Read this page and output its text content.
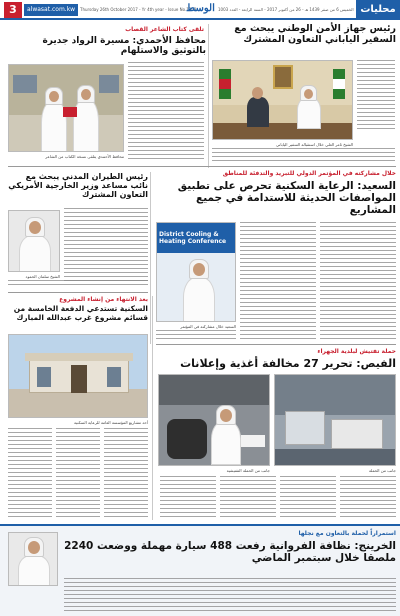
3	alwasat.com.kw	Thursday 26th October 2017 - Yr 4th year - Issue No.1003
الوسط الخميس 6 من صفر 1439 هـ - 26 من أكتوبر 2017 - السنة الرابعة - العدد 1003 محليات
رئيس جهاز الأمن الوطني يبحث مع السفير الياباني التعاون المشترك
الشيخ ثامر العلي خلال استقباله السفير الياباني
تلقى كتاب الشاعر القصاب
محافظ الأحمدي: مسيرة الرواد جديرة بالتوثيق والاستلهام
محافظ الأحمدي يتلقى نسخة الكتاب من الشاعر
خلال مشاركته في المؤتمر الدولي للتبريد والتدفئة للمناطق
السعيد: الرعاية السكنية تحرص على تطبيق المواصفات الحديثة للاستدامة في جميع المشاريع
District Cooling & Heating Conference
السعيد خلال مشاركته في المؤتمر
رئيس الطيران المدني يبحث مع نائب مساعد وزير الخارجية الأمريكي التعاون المشترك
الشيخ سلمان الحمود
بعد الانتهاء من إنشاء المشروع
السكنية تستدعي الدفعة الخامسة من قسائم مشروع غرب عبدالله المبارك
أحد مشاريع المؤسسة العامة للرعاية السكنية
حملة تفتيش لبلدية الجهراء
الفيص: تحرير 27 مخالفة أغذية وإعلانات
جانب من الحملة
جانب من الحملة التفتيشية
استمراراً لحملة بالتعاون مع نجلها
الخرينج: نظافة الفروانية رفعت 488 سيارة مهملة ووضعت 2240 ملصقا خلال سبتمبر الماضي
